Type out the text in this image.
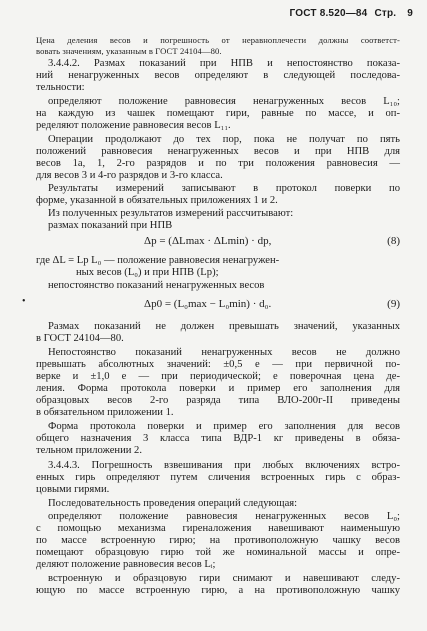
ГОСТ 8.520—84 Стр. 9
Цена деления весов и погрешность от неравноплечести должны соответст-
вовать значениям, указанным в ГОСТ 24104—80.
3.4.4.2. Размах показаний при НПВ и непостоянство показа-
ний ненагруженных весов определяют в следующей последова-
тельности:
определяют положение равновесия ненагруженных весов L₁₀;
на каждую из чашек помещают гири, равные по массе, и оп-
ределяют положение равновесия весов L₁₁.
Операции продолжают до тех пор, пока не получат по пять
положений равновесия ненагруженных весов и при НПВ для
весов 1а, 1, 2-го разрядов и по три положения равновесия —
для весов 3 и 4-го разрядов и 3-го класса.
Результаты измерений записывают в протокол поверки по
форме, указанной в обязательных приложениях 1 и 2.
Из полученных результатов измерений рассчитывают:
размах показаний при НПВ
Δp = (ΔLmax · ΔLmin) · dp,	(8)
где ΔL = Lp L₀ — положение равновесия ненагружен-
ных весов (L₀) и при НПВ (Lp);
непостоянство показаний ненагруженных весов
•	Δp0 = (L₀max − L₀min) · d₀.	(9)
Размах показаний не должен превышать значений, указанных
в ГОСТ 24104—80.
Непостоянство показаний ненагруженных весов не должно
превышать абсолютных значений: ±0,5 e — при первичной по-
верке и ±1,0 e — при периодической; e поверочная цена де-
ления. Форма протокола поверки и пример его заполнения для
образцовых весов 2-го разряда типа ВЛО-200г-II приведены
в обязательном приложении 1.
Форма протокола поверки и пример его заполнения для весов
общего назначения 3 класса типа ВДР-1 кг приведены в обяза-
тельном приложении 2.
3.4.4.3. Погрешность взвешивания при любых включениях встро-
енных гирь определяют путем сличения встроенных гирь с образ-
цовыми гирями.
Последовательность проведения операций следующая:
определяют положение равновесия ненагруженных весов L₀;
с помощью механизма гиреналожения навешивают наименьшую
по массе встроенную гирю; на противоположную чашку весов
помещают образцовую гирю той же номинальной массы и опре-
деляют положение равновесия весов Lᵢ;
встроенную и образцовую гири снимают и навешивают следу-
ющую по массе встроенную гирю, а на противоположную чашку
